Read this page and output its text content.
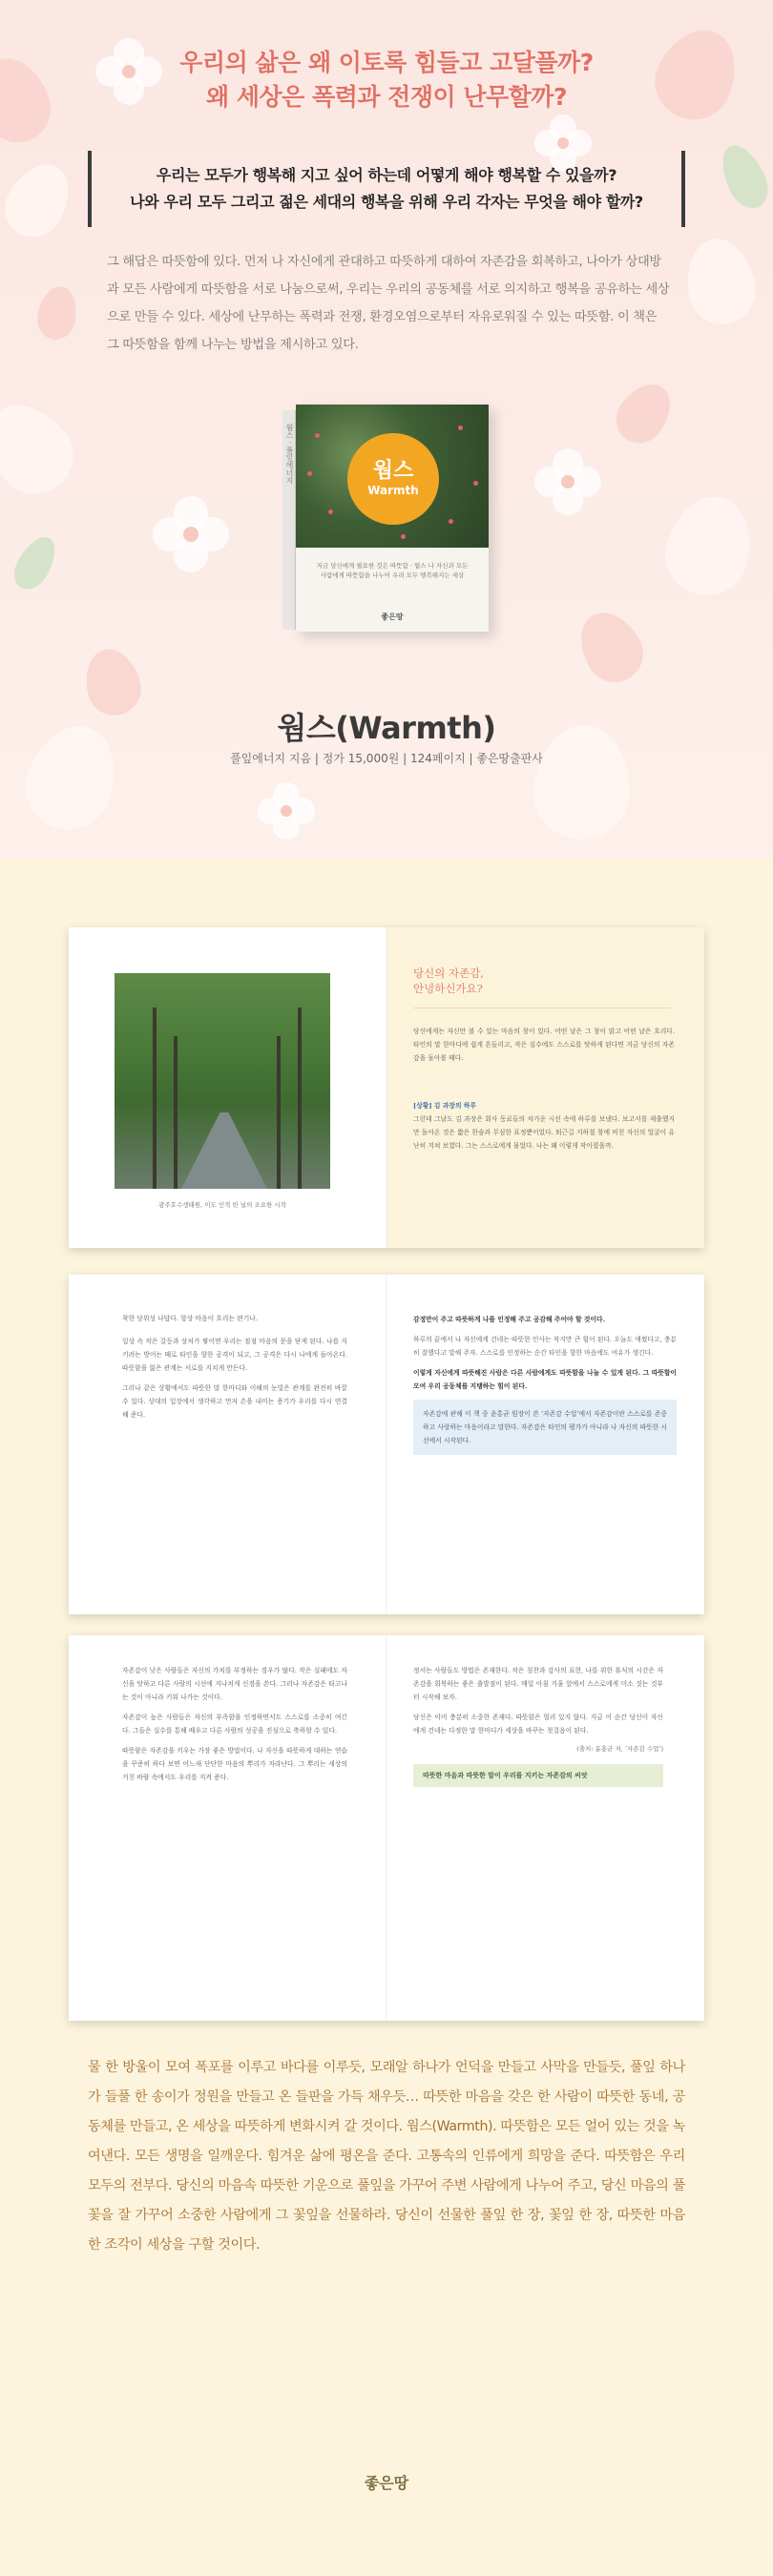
우리의 삶은 왜 이토록 힘들고 고달플까?
왜 세상은 폭력과 전쟁이 난무할까?

우리는 모두가 행복해 지고 싶어 하는데 어떻게 해야 행복할 수 있을까?

나와 우리 모두 그리고 젊은 세대의 행복을 위해 우리 각자는 무엇을 해야 할까?

그 해답은 따뜻함에 있다. 먼저 나 자신에게 관대하고 따뜻하게 대하여 자존감을 회복하고, 나아가 상대방과 모든 사람에게 따뜻함을 서로 나눔으로써, 우리는 우리의 공동체를 서로 의지하고 행복을 공유하는 세상으로 만들 수 있다. 세상에 난무하는 폭력과 전쟁, 환경오염으로부터 자유로워질 수 있는 따뜻함. 이 책은 그 따뜻함을 함께 나누는 방법을 제시하고 있다.

웜스 · 풀잎에너지	웜스
Warmth
지금 당신에게 필요한 것은 따뜻함 · 웜스 나 자신과 모든 사람에게 따뜻함을 나누어 우리 모두 행복해지는 세상
좋은땅
웜스(Warmth)
풀잎에너지 지음 | 정가 15,000원 | 124페이지 | 좋은땅출판사
광주호수생태원, 이도 인적 빈 널의 조요한 시작
당신의 자존감,
안녕하신가요?

당신에게는 자신만 볼 수 있는 마음의 창이 있다. 어떤 날은 그 창이 맑고 어떤 날은 흐리다. 타인의 말 한마디에 쉽게 흔들리고, 작은 실수에도 스스로를 탓하게 된다면 지금 당신의 자존감을 돌아볼 때다.

[상황] 김 과장의 하루

그런데 그날도 김 과장은 회사 동료들의 차가운 시선 속에 하루를 보냈다. 보고서를 제출했지만 돌아온 것은 짧은 한숨과 무심한 표정뿐이었다. 퇴근길 지하철 창에 비친 자신의 얼굴이 유난히 지쳐 보였다. 그는 스스로에게 물었다. 나는 왜 이렇게 작아졌을까.

착한 당위성 나답다. 항상 마음이 흐리는 편기나.

일상 속 작은 갈등과 상처가 쌓이면 우리는 점점 마음의 문을 닫게 된다. 나를 지키려는 방어는 때로 타인을 향한 공격이 되고, 그 공격은 다시 나에게 돌아온다. 따뜻함을 잃은 관계는 서로를 지치게 만든다.

그러나 같은 상황에서도 따뜻한 말 한마디와 이해의 눈빛은 관계를 완전히 바꿀 수 있다. 상대의 입장에서 생각하고 먼저 손을 내미는 용기가 우리를 다시 연결해 준다.

감정만이 주고 따뜻하게 나를 인정해 주고 공감해 주어야 할 것이다.

하루의 끝에서 나 자신에게 건네는 따뜻한 인사는 작지만 큰 힘이 된다. 오늘도 애썼다고, 충분히 잘했다고 말해 주자. 스스로를 인정하는 순간 타인을 향한 마음에도 여유가 생긴다.

이렇게 자신에게 따뜻해진 사람은 다른 사람에게도 따뜻함을 나눌 수 있게 된다. 그 따뜻함이 모여 우리 공동체를 지탱하는 힘이 된다.

자존감에 관해 이 책 중 윤홍균 원장이 쓴 ‘자존감 수업’에서 자존감이란 스스로를 존중하고 사랑하는 마음이라고 말한다. 자존감은 타인의 평가가 아니라 나 자신의 따뜻한 시선에서 시작된다.

자존감이 낮은 사람들은 자신의 가치를 부정하는 경우가 많다. 작은 실패에도 자신을 탓하고 다른 사람의 시선에 지나치게 신경을 쓴다. 그러나 자존감은 타고나는 것이 아니라 키워 나가는 것이다.

자존감이 높은 사람들은 자신의 부족함을 인정하면서도 스스로를 소중히 여긴다. 그들은 실수를 통해 배우고 다른 사람의 성공을 진심으로 축하할 수 있다.

따뜻함은 자존감을 키우는 가장 좋은 방법이다. 나 자신을 따뜻하게 대하는 연습을 꾸준히 하다 보면 어느새 단단한 마음의 뿌리가 자라난다. 그 뿌리는 세상의 거친 바람 속에서도 우리를 지켜 준다.

정서는 사람들도 방법은 존재한다. 작은 칭찬과 감사의 표현, 나를 위한 휴식의 시간은 자존감을 회복하는 좋은 출발점이 된다. 매일 아침 거울 앞에서 스스로에게 미소 짓는 것부터 시작해 보자.

당신은 이미 충분히 소중한 존재다. 따뜻함은 멀리 있지 않다. 지금 이 순간 당신이 자신에게 건네는 다정한 말 한마디가 세상을 바꾸는 첫걸음이 된다.

(출처: 윤홍균 저, ‘자존감 수업’)

따뜻한 마음과 따뜻한 말이 우리를 지키는 자존감의 씨앗

물 한 방울이 모여 폭포를 이루고 바다를 이루듯, 모래알 하나가 언덕을 만들고 사막을 만들듯, 풀잎 하나가 들풀 한 송이가 정원을 만들고 온 들판을 가득 채우듯… 따뜻한 마음을 갖은 한 사람이 따뜻한 동네, 공동체를 만들고, 온 세상을 따뜻하게 변화시켜 갈 것이다. 웜스(Warmth). 따뜻함은 모든 얼어 있는 것을 녹여낸다. 모든 생명을 일깨운다. 힘겨운 삶에 평온을 준다. 고통속의 인류에게 희망을 준다. 따뜻함은 우리 모두의 전부다. 당신의 마음속 따뜻한 기운으로 풀잎을 가꾸어 주변 사람에게 나누어 주고, 당신 마음의 풀꽃을 잘 가꾸어 소중한 사람에게 그 꽃잎을 선물하라. 당신이 선물한 풀잎 한 장, 꽃잎 한 장, 따뜻한 마음 한 조각이 세상을 구할 것이다.

좋은땅
